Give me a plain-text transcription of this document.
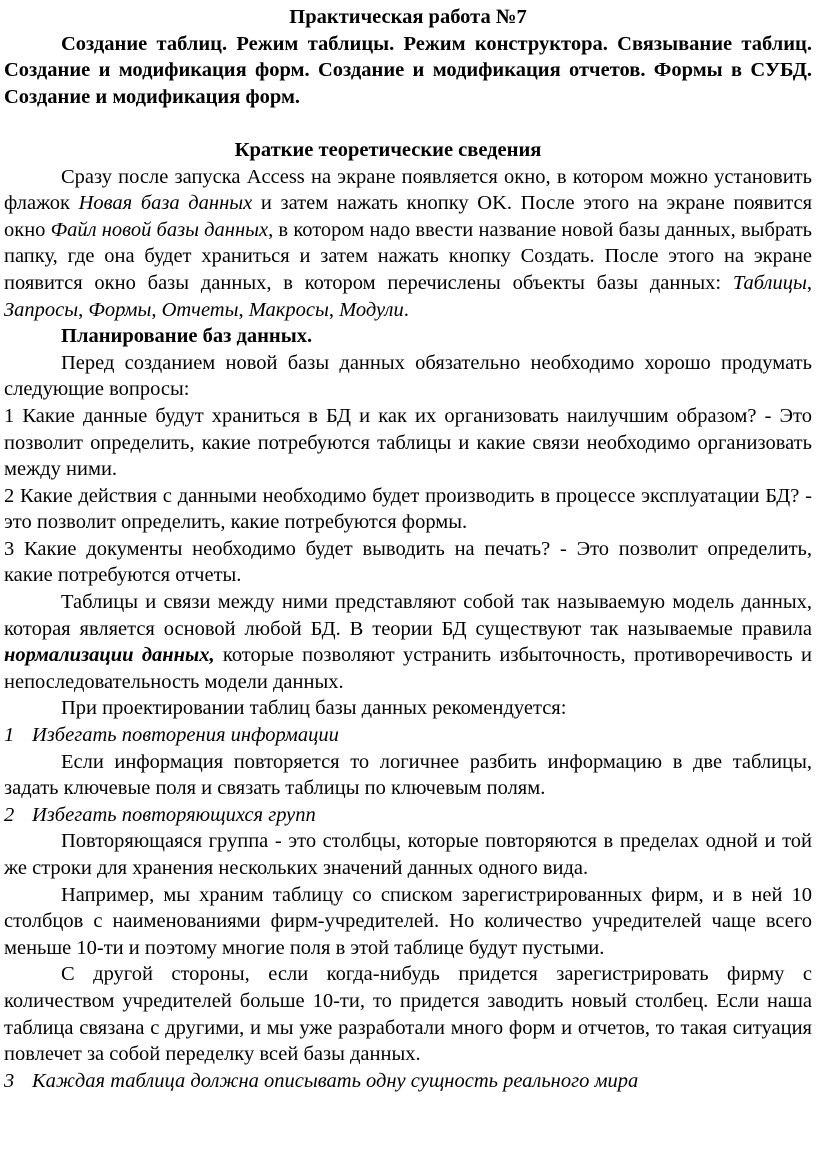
Практическая работа №7

Создание таблиц. Режим таблицы. Режим конструктора. Связывание таблиц. Создание и модификация форм. Создание и модификация отчетов. Формы в СУБД. Создание и модификация форм.

Краткие теоретические сведения

Сразу после запуска Access на экране появляется окно, в котором можно установить флажок Новая база данных и затем нажать кнопку OK. После этого на экране появится окно Файл новой базы данных, в котором надо ввести название новой базы данных, выбрать папку, где она будет храниться и затем нажать кнопку Создать. После этого на экране появится окно базы данных, в котором перечислены объекты базы данных: Таблицы, Запросы, Формы, Отчеты, Макросы, Модули.

Планирование баз данных.

Перед созданием новой базы данных обязательно необходимо хорошо продумать следующие вопросы:

1 Какие данные будут храниться в БД и как их организовать наилучшим образом? - Это позволит определить, какие потребуются таблицы и какие связи необходимо организовать между ними.

2 Какие действия с данными необходимо будет производить в процессе эксплуатации БД? - это позволит определить, какие потребуются формы.

3 Какие документы необходимо будет выводить на печать? - Это позволит определить, какие потребуются отчеты.

Таблицы и связи между ними представляют собой так называемую модель данных, которая является основой любой БД. В теории БД существуют так называемые правила нормализации данных, которые позволяют устранить избыточность, противоречивость и непоследовательность модели данных.

При проектировании таблиц базы данных рекомендуется:

1 Избегать повторения информации

Если информация повторяется то логичнее разбить информацию в две таблицы, задать ключевые поля и связать таблицы по ключевым полям.

2 Избегать повторяющихся групп

Повторяющаяся группа - это столбцы, которые повторяются в пределах одной и той же строки для хранения нескольких значений данных одного вида.

Например, мы храним таблицу со списком зарегистрированных фирм, и в ней 10 столбцов с наименованиями фирм-учредителей. Но количество учредителей чаще всего меньше 10-ти и поэтому многие поля в этой таблице будут пустыми.

С другой стороны, если когда-нибудь придется зарегистрировать фирму с количеством учредителей больше 10-ти, то придется заводить новый столбец. Если наша таблица связана с другими, и мы уже разработали много форм и отчетов, то такая ситуация повлечет за собой переделку всей базы данных.

3 Каждая таблица должна описывать одну сущность реального мира
